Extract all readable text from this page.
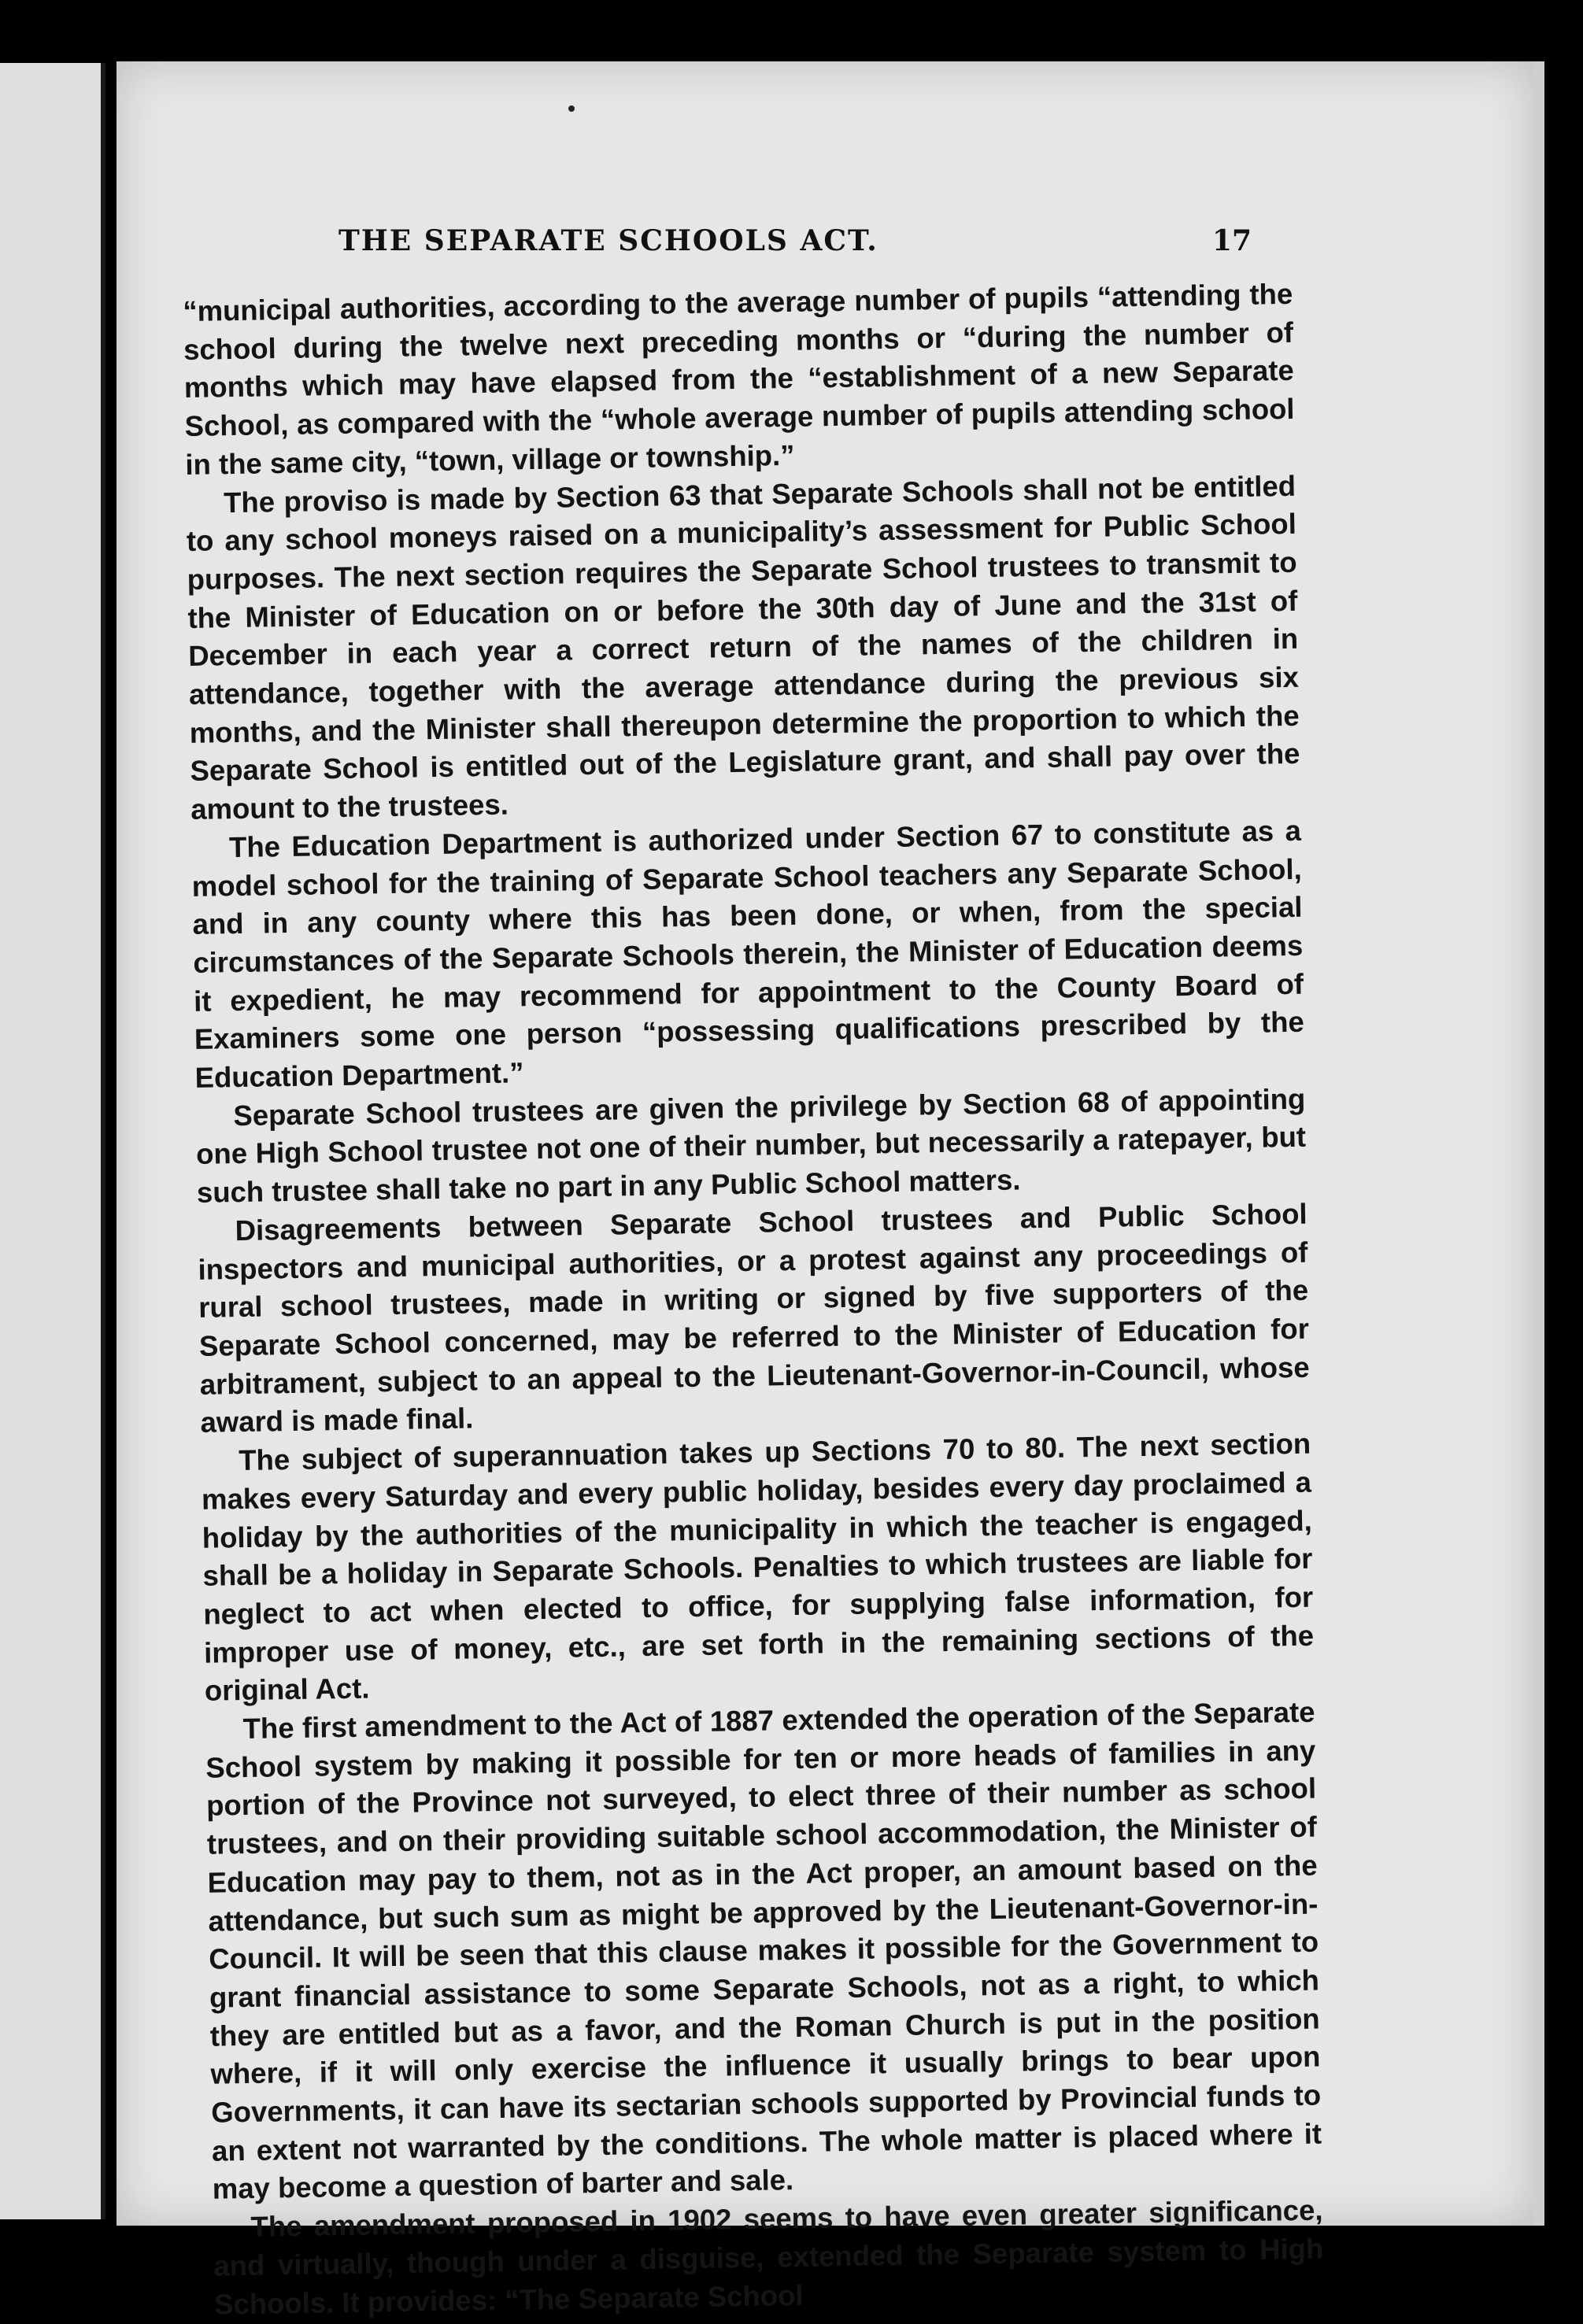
THE SEPARATE SCHOOLS ACT.	17

“municipal authorities, according to the average number of pupils “attending the school during the twelve next preceding months or “during the number of months which may have elapsed from the “establishment of a new Separate School, as compared with the “whole average number of pupils attending school in the same city, “town, village or township.”

The proviso is made by Section 63 that Separate Schools shall not be entitled to any school moneys raised on a municipality’s assessment for Public School purposes. The next section requires the Separate School trustees to transmit to the Minister of Education on or before the 30th day of June and the 31st of December in each year a correct return of the names of the children in attendance, together with the average attendance during the previous six months, and the Minister shall thereupon determine the proportion to which the Separate School is entitled out of the Legislature grant, and shall pay over the amount to the trustees.

The Education Department is authorized under Section 67 to constitute as a model school for the training of Separate School teachers any Separate School, and in any county where this has been done, or when, from the special circumstances of the Separate Schools therein, the Minister of Education deems it expedient, he may recommend for appointment to the County Board of Examiners some one person “possessing qualifications prescribed by the Education Department.”

Separate School trustees are given the privilege by Section 68 of appointing one High School trustee not one of their number, but necessarily a ratepayer, but such trustee shall take no part in any Public School matters.

Disagreements between Separate School trustees and Public School inspectors and municipal authorities, or a protest against any proceedings of rural school trustees, made in writing or signed by five supporters of the Separate School concerned, may be referred to the Minister of Education for arbitrament, subject to an appeal to the Lieutenant-Governor-in-Council, whose award is made final.

The subject of superannuation takes up Sections 70 to 80. The next section makes every Saturday and every public holiday, besides every day proclaimed a holiday by the authorities of the municipality in which the teacher is engaged, shall be a holiday in Separate Schools. Penalties to which trustees are liable for neglect to act when elected to office, for supplying false information, for improper use of money, etc., are set forth in the remaining sections of the original Act.

The first amendment to the Act of 1887 extended the operation of the Separate School system by making it possible for ten or more heads of families in any portion of the Province not surveyed, to elect three of their number as school trustees, and on their providing suitable school accommodation, the Minister of Education may pay to them, not as in the Act proper, an amount based on the attendance, but such sum as might be approved by the Lieutenant-Governor-in-Council. It will be seen that this clause makes it possible for the Government to grant financial assistance to some Separate Schools, not as a right, to which they are entitled but as a favor, and the Roman Church is put in the position where, if it will only exercise the influence it usually brings to bear upon Governments, it can have its sectarian schools supported by Provincial funds to an extent not warranted by the conditions. The whole matter is placed where it may become a question of barter and sale.

The amendment proposed in 1902 seems to have even greater significance, and virtually, though under a disguise, extended the Separate system to High Schools. It provides: “The Separate School
